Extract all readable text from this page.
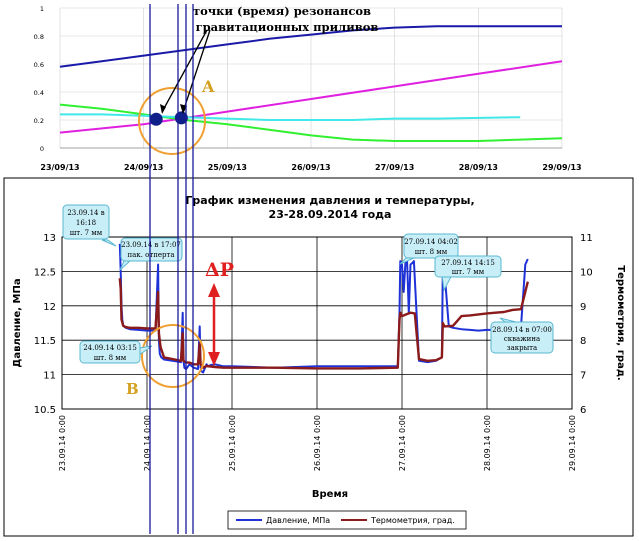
0
0.2
0.4
0.6
0.8
1
23/09/13	24/09/13	25/09/13	26/09/13	27/09/13	28/09/13	29/09/13
точки (время) резонансов
гравитационных приливов
A
График изменения давления и температуры,
23-28.09.2014 года
10.5
11
11.5
12
12.5
13
6
7
8
9
10
11
23.09.14 0:00	24.09.14 0:00	25.09.14 0:00	26.09.14 0:00	27.09.14 0:00	28.09.14 0:00	29.09.14 0:00
Время
Давление, МПа	Термометрия, град.
ΔP
B
23.09.14 в
16:18
шт. 7 мм
23.09.14 в 17:07
пак. отперта
24.09.14 03:15
шт. 8 мм
27.09.14 04:02
шт. 8 мм
27.09.14 14:15
шт. 7 мм
28.09.14 в 07:00
скважина
закрыта
Давление, МПа	Термометрия, град.
